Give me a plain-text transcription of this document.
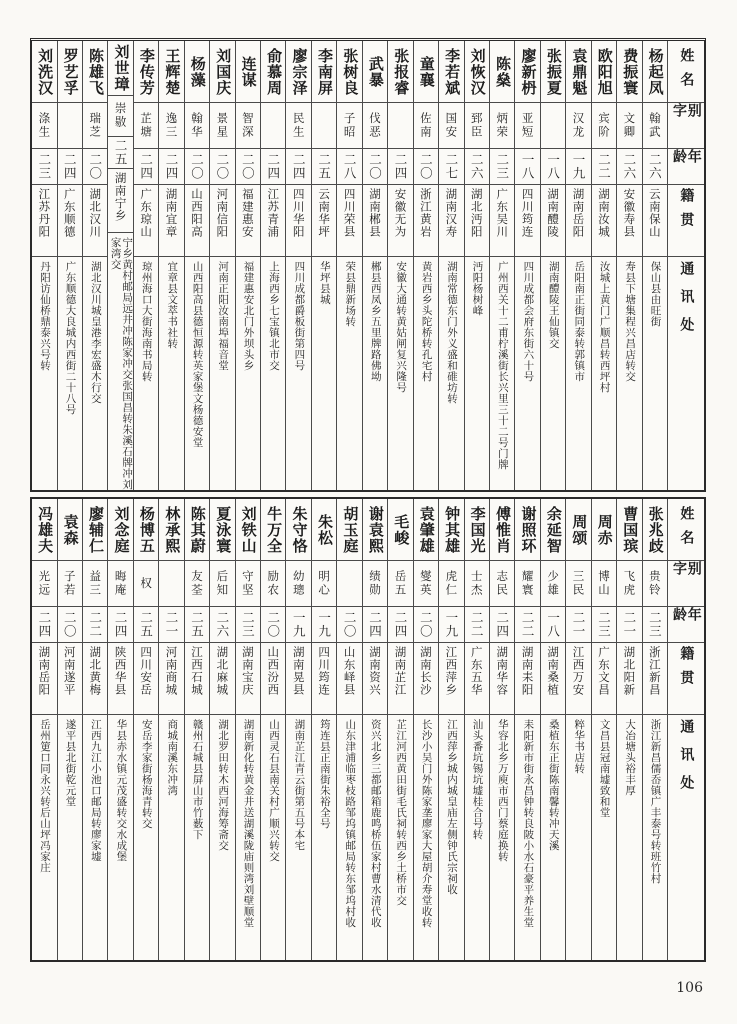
姓名
别字
年龄
籍贯
通讯处
杨起凤
翰武
二六
云南保山
保山县由旺街
费振寰
文卿
二六
安徽寿县
寿县下塘集程兴昌店转交
欧阳旭
宾阶
二二
湖南汝城
汝城上黄门广顺昌转西坪村
袁鼎魁
汉龙
一九
湖南岳阳
岳阳南正街同泰转郭镇市
张振夏
一八
湖南醴陵
湖南醴陵王仙镇交
廖新枬
亚短
一八
四川筠连
四川成都会府东街六十号
陈燊
炳荣
二三
广东吴川
广州西关十二甫柠溪街长兴里三十二号门牌
刘恢汉
郅臣
二六
湖北沔阳
沔阳杨树峰
李若斌
国安
二七
湖南汉寿
湖南常德东门外义盛和碓坊转
童襄
佐南
二〇
浙江黄岩
黄岩西乡头陀桥转孔宅村
张报睿
二四
安徽无为
安徽大通转黄姑闸复兴隆号
武暴
伐恶
二〇
湖南郴县
郴县西凤乡五里牌路佛坳
张树良
子昭
二八
四川荣县
荣县鼎新场转
李南屏
二五
云南华坪
华坪县城
廖宗泽
民生
二四
四川华阳
四川成都爵板街第四号
俞慕周
二四
江苏青浦
上海西乡七宝镇北市交
连谋
智深
二〇
福建惠安
福建惠安北门外坝头乡
刘国庆
景星
二〇
河南信阳
河南正阳汝南埠福音堂
杨藻
翰华
二〇
山西阳高
山西阳高县德恒源转英家堡文杨德安堂
王辉楚
逸三
二四
湖南宜章
宜章县文萃书社转
李传芳
芷塘
二四
广东琼山
琼州海口大街海南书局转
刘世璋
崇敭
二五
湖南宁乡
宁乡黄村邮局远井冲陈家冲交张国昌转朱溪石牌冲刘家湾交
陈雄飞
瑞芝
二〇
湖北汉川
湖北汉川城皇港李宏盛木行交
罗艺孚
二四
广东顺德
广东顺德大良城内西街二十八号
刘洗汉
涤生
二三
江苏丹阳
丹阳访仙桥鼎泰兴号转
姓名
别字
年龄
籍贯
通讯处
张兆歧
贵铃
二三
浙江新昌
浙江新昌儒岙镇广丰泰号转班竹村
曹国瑸
飞虎
二一
湖北阳新
大冶塘头裕丰厚
周赤
博山
二三
广东文昌
文昌县冠南墟致和堂
周颂
三民
二一
江西万安
粹华书店转
余延智
少雄
一八
湖南桑植
桑植东正街陈南馨转冲天溪
谢照环
耀寰
二二
湖南耒阳
耒阳新市街永昌钟转良陂小水石豪平养生堂
傅惟肖
志民
二四
湖南华容
华容北乡万庾市西门蔡庭换转
李国光
士杰
二二
广东五华
汕头番坑锡坑墟桂合号转
钟其雄
虎仁
一九
江西萍乡
江西萍乡城内城皇庙左侧钟氏宗祠收
袁肇雄
燮英
二〇
湖南长沙
长沙小吴门外陈家垄廖家大屋胡介寿堂收转
毛峻
岳五
二四
湖南芷江
芷江河西黄田街毛氏祠转西乡土桥市交
谢袁熙
绩勋
二四
湖南资兴
资兴北乡三都邮箱鹿鸣桥伍家村曹水清代收
胡玉庭
二〇
山东峄县
山东津浦临枣枝路邹坞镇邮局转东邹坞村收
朱松
明心
一九
四川筠连
筠连县正南街朱裕全号
朱守恪
幼璁
一九
湖南晃县
湖南芷江青云街第五号本宅
牛万全
励农
二〇
山西汾西
山西灵石县南关村广顺兴转交
刘铁山
守坚
二三
湖南宝庆
湖南新化转黄金井送湖溪陇庙则湾刘壁顺堂
夏泳寰
后知
二六
湖北麻城
湖北罗田转木西河海筹斋交
陈其蔚
友荃
二五
江西石城
赣州石城县屏山市竹薮下
林承熙
二一
河南商城
商城南溪东冲湾
杨博五
权
二五
四川安岳
安岳李家街杨海青转交
刘念庭
晦庵
二四
陕西华县
华县赤水镇元茂盛转交水成堡
廖辅仁
益三
二二
湖北黄梅
江西九江小池口邮局转廖家墟
袁森
子若
二〇
河南遂平
遂平县北街乾元堂
冯雄夫
光远
二四
湖南岳阳
岳州筻口同永兴转后山坪冯家庄
106
